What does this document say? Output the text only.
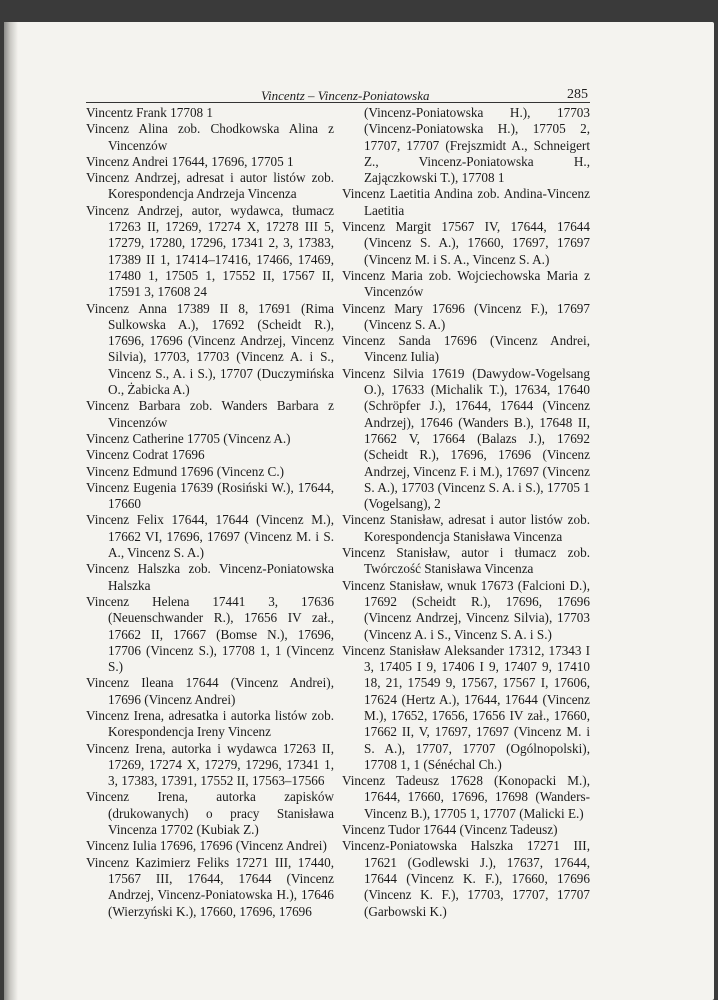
Vincentz – Vincenz-Poniatowska	285

Vincentz Frank 17708 1

Vincenz Alina zob. Chodkowska Alina z Vincenzów

Vincenz Andrei 17644, 17696, 17705 1

Vincenz Andrzej, adresat i autor listów zob. Korespondencja Andrzeja Vincenza

Vincenz Andrzej, autor, wydawca, tłumacz 17263 II, 17269, 17274 X, 17278 III 5, 17279, 17280, 17296, 17341 2, 3, 17383, 17389 II 1, 17414–17416, 17466, 17469, 17480 1, 17505 1, 17552 II, 17567 II, 17591 3, 17608 24

Vincenz Anna 17389 II 8, 17691 (Rima Sulkowska A.), 17692 (Scheidt R.), 17696, 17696 (Vincenz Andrzej, Vincenz Silvia), 17703, 17703 (Vincenz A. i S., Vincenz S., A. i S.), 17707 (Duczymińska O., Żabicka A.)

Vincenz Barbara zob. Wanders Barbara z Vincenzów

Vincenz Catherine 17705 (Vincenz A.)

Vincenz Codrat 17696

Vincenz Edmund 17696 (Vincenz C.)

Vincenz Eugenia 17639 (Rosiński W.), 17644, 17660

Vincenz Felix 17644, 17644 (Vincenz M.), 17662 VI, 17696, 17697 (Vincenz M. i S. A., Vincenz S. A.)

Vincenz Halszka zob. Vincenz-Poniatowska Halszka

Vincenz Helena 17441 3, 17636 (Neuenschwander R.), 17656 IV zał., 17662 II, 17667 (Bomse N.), 17696, 17706 (Vincenz S.), 17708 1, 1 (Vincenz S.)

Vincenz Ileana 17644 (Vincenz Andrei), 17696 (Vincenz Andrei)

Vincenz Irena, adresatka i autorka listów zob. Korespondencja Ireny Vincenz

Vincenz Irena, autorka i wydawca 17263 II, 17269, 17274 X, 17279, 17296, 17341 1, 3, 17383, 17391, 17552 II, 17563–17566

Vincenz Irena, autorka zapisków (drukowanych) o pracy Stanisława Vincenza 17702 (Kubiak Z.)

Vincenz Iulia 17696, 17696 (Vincenz Andrei)

Vincenz Kazimierz Feliks 17271 III, 17440, 17567 III, 17644, 17644 (Vincenz Andrzej, Vincenz-Poniatowska H.), 17646 (Wierzyński K.), 17660, 17696, 17696

(Vincenz-Poniatowska H.), 17703 (Vincenz-Poniatowska H.), 17705 2, 17707, 17707 (Frejszmidt A., Schneigert Z., Vincenz-Poniatowska H., Zajączkowski T.), 17708 1

Vincenz Laetitia Andina zob. Andina-Vincenz Laetitia

Vincenz Margit 17567 IV, 17644, 17644 (Vincenz S. A.), 17660, 17697, 17697 (Vincenz M. i S. A., Vincenz S. A.)

Vincenz Maria zob. Wojciechowska Maria z Vincenzów

Vincenz Mary 17696 (Vincenz F.), 17697 (Vincenz S. A.)

Vincenz Sanda 17696 (Vincenz Andrei, Vincenz Iulia)

Vincenz Silvia 17619 (Dawydow-Vogelsang O.), 17633 (Michalik T.), 17634, 17640 (Schröpfer J.), 17644, 17644 (Vincenz Andrzej), 17646 (Wanders B.), 17648 II, 17662 V, 17664 (Balazs J.), 17692 (Scheidt R.), 17696, 17696 (Vincenz Andrzej, Vincenz F. i M.), 17697 (Vincenz S. A.), 17703 (Vincenz S. A. i S.), 17705 1 (Vogelsang), 2

Vincenz Stanisław, adresat i autor listów zob. Korespondencja Stanisława Vincenza

Vincenz Stanisław, autor i tłumacz zob. Twórczość Stanisława Vincenza

Vincenz Stanisław, wnuk 17673 (Falcioni D.), 17692 (Scheidt R.), 17696, 17696 (Vincenz Andrzej, Vincenz Silvia), 17703 (Vincenz A. i S., Vincenz S. A. i S.)

Vincenz Stanisław Aleksander 17312, 17343 I 3, 17405 I 9, 17406 I 9, 17407 9, 17410 18, 21, 17549 9, 17567, 17567 I, 17606, 17624 (Hertz A.), 17644, 17644 (Vincenz M.), 17652, 17656, 17656 IV zał., 17660, 17662 II, V, 17697, 17697 (Vincenz M. i S. A.), 17707, 17707 (Ogólnopolski), 17708 1, 1 (Sénéchal Ch.)

Vincenz Tadeusz 17628 (Konopacki M.), 17644, 17660, 17696, 17698 (Wanders-Vincenz B.), 17705 1, 17707 (Malicki E.)

Vincenz Tudor 17644 (Vincenz Tadeusz)

Vincenz-Poniatowska Halszka 17271 III, 17621 (Godlewski J.), 17637, 17644, 17644 (Vincenz K. F.), 17660, 17696 (Vincenz K. F.), 17703, 17707, 17707 (Garbowski K.)
